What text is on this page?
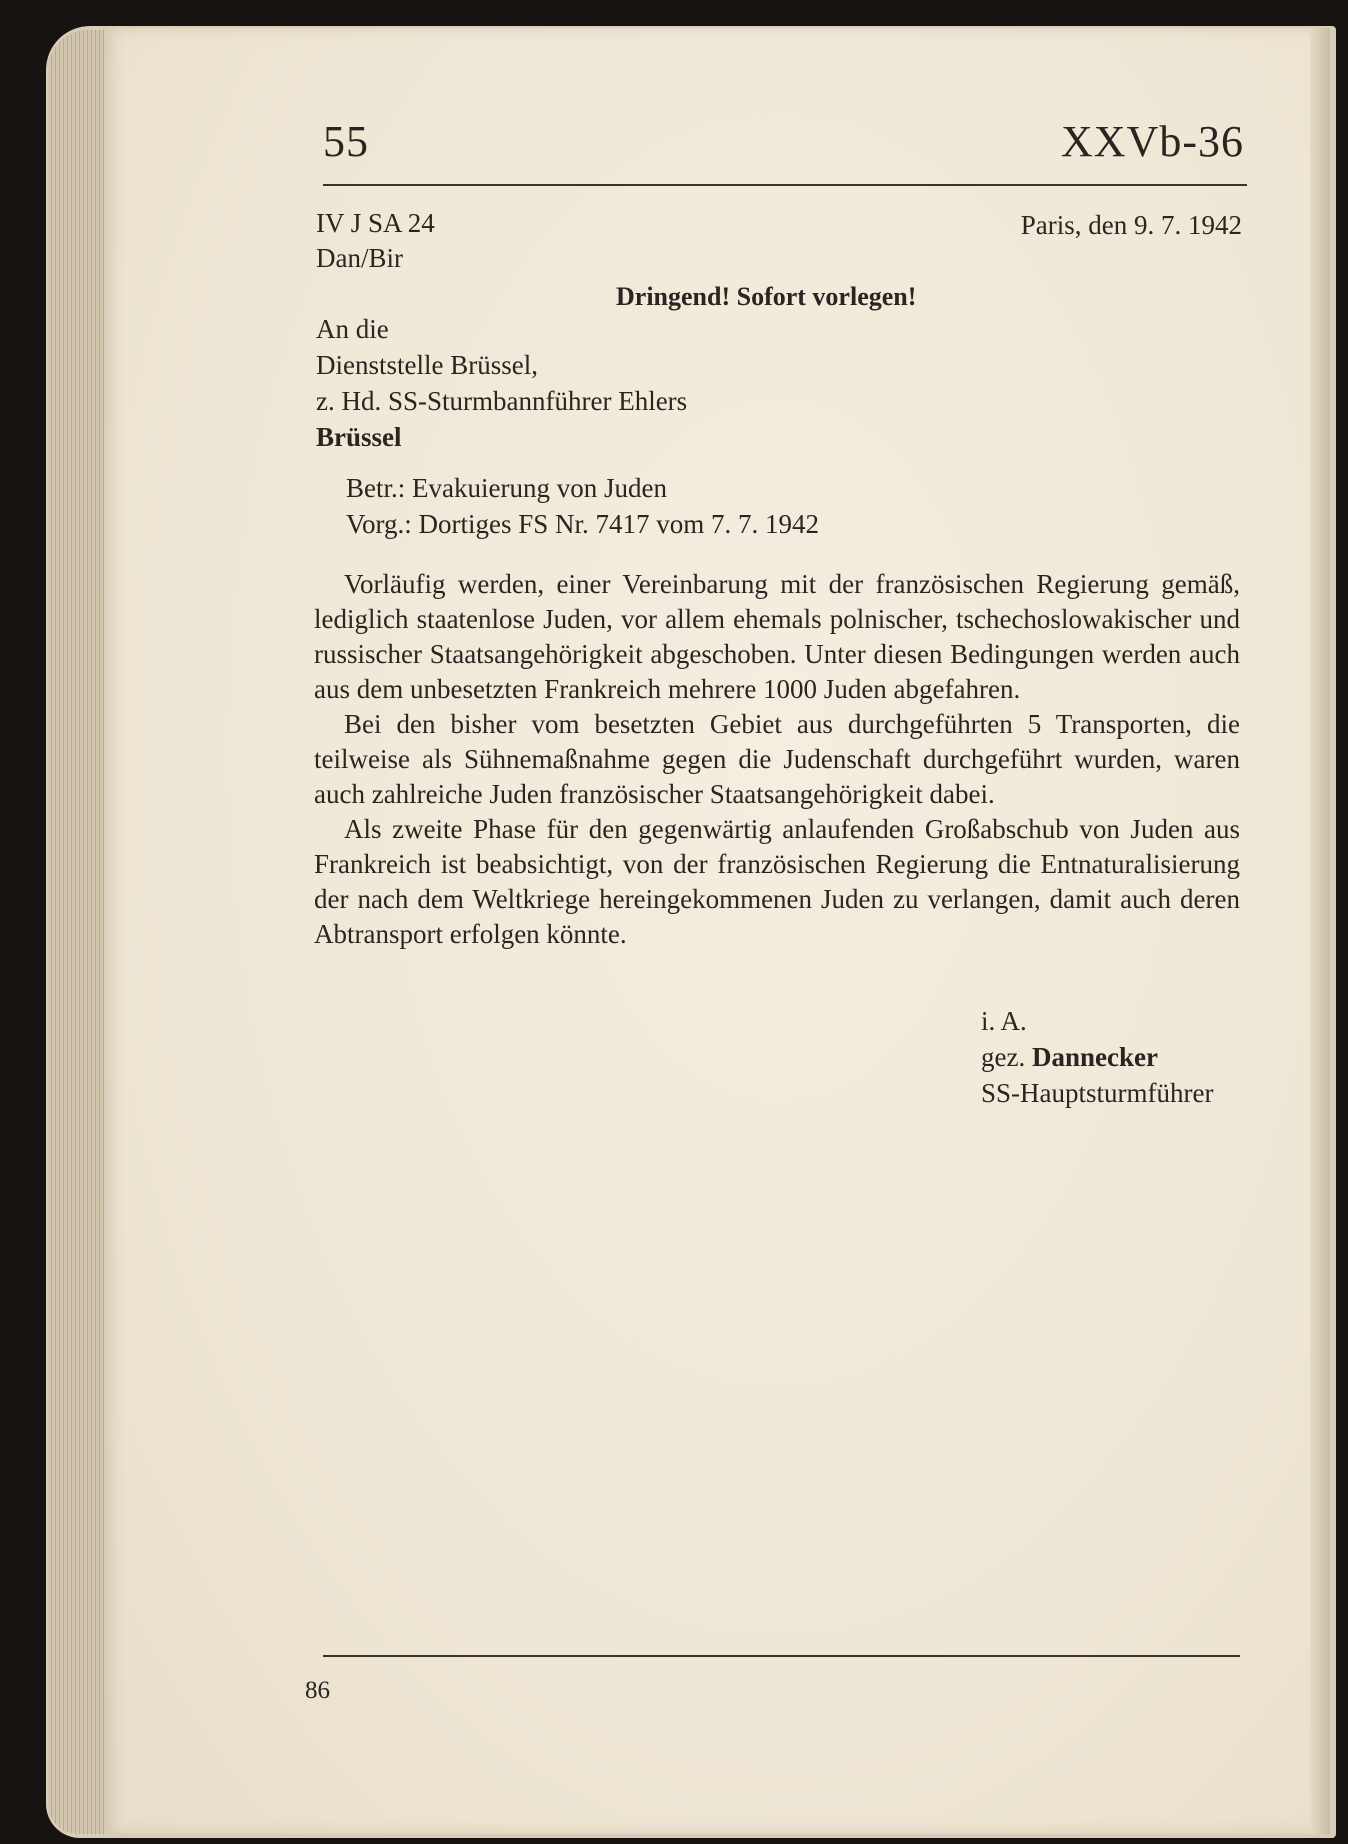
55	XXVb-36
IV J SA 24
Dan/Bir
Paris, den 9. 7. 1942
Dringend! Sofort vorlegen!
An die
Dienststelle Brüssel,
z. Hd. SS-Sturmbannführer Ehlers
Brüssel
Betr.: Evakuierung von Juden
Vorg.: Dortiges FS Nr. 7417 vom 7. 7. 1942

Vorläufig werden, einer Vereinbarung mit der französischen Regierung gemäß, lediglich staatenlose Juden, vor allem ehemals polnischer, tschechoslowakischer und russischer Staatsangehörigkeit abgeschoben. Unter diesen Bedingungen werden auch aus dem unbesetzten Frankreich mehrere 1000 Juden abgefahren.

Bei den bisher vom besetzten Gebiet aus durchgeführten 5 Transporten, die teilweise als Sühnemaßnahme gegen die Judenschaft durchgeführt wurden, waren auch zahlreiche Juden französischer Staatsangehörigkeit dabei.

Als zweite Phase für den gegenwärtig anlaufenden Großabschub von Juden aus Frankreich ist beabsichtigt, von der französischen Regierung die Entnaturalisierung der nach dem Weltkriege hereingekommenen Juden zu verlangen, damit auch deren Abtransport erfolgen könnte.

i. A.
gez. Dannecker
SS-Hauptsturmführer
86
